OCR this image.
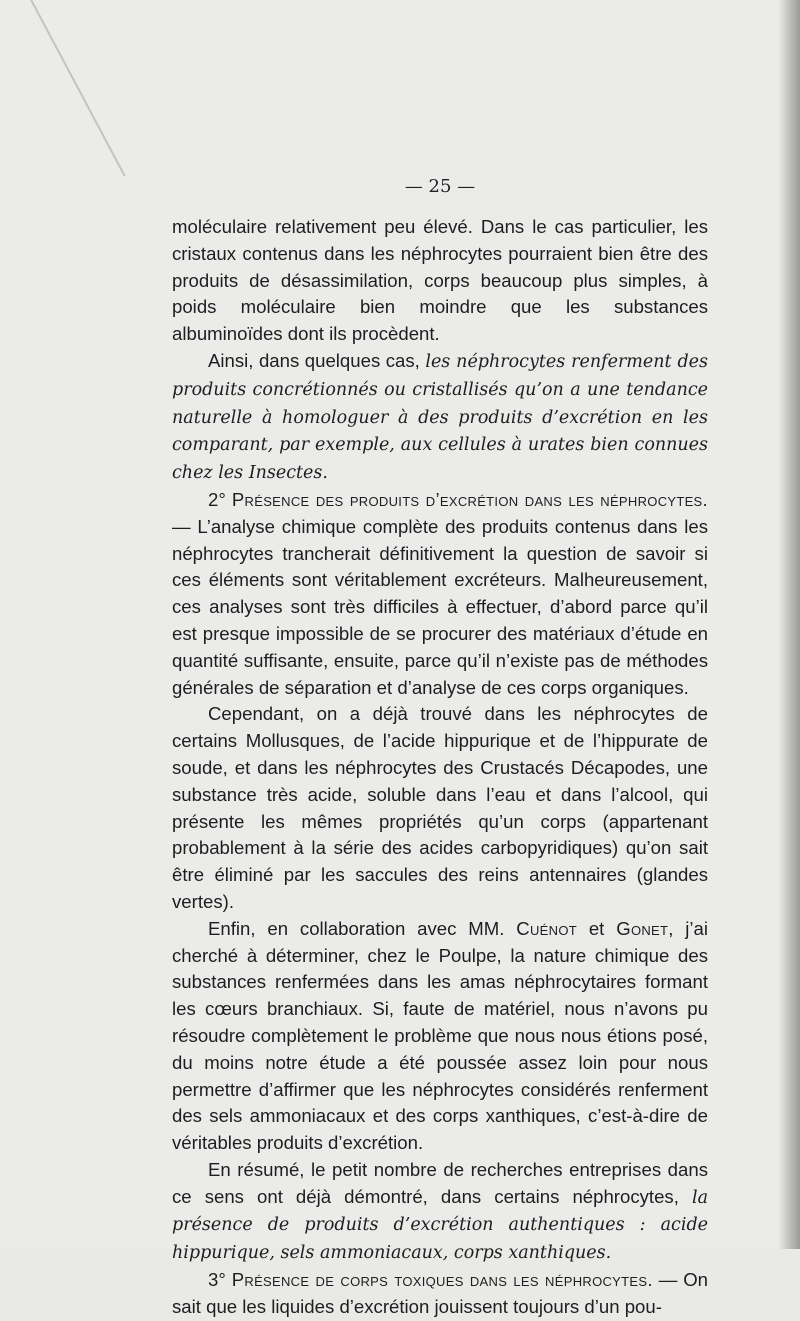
— 25 —

moléculaire relativement peu élevé. Dans le cas particulier, les cristaux contenus dans les néphrocytes pourraient bien être des produits de désassimilation, corps beaucoup plus simples, à poids moléculaire bien moindre que les substances albuminoïdes dont ils procèdent.

Ainsi, dans quelques cas, les néphrocytes renferment des produits concrétionnés ou cristallisés qu’on a une tendance naturelle à homologuer à des produits d’excrétion en les comparant, par exemple, aux cellules à urates bien connues chez les Insectes.

2° Présence des produits d’excrétion dans les néphrocytes. — L’analyse chimique complète des produits contenus dans les néphrocytes trancherait définitivement la question de savoir si ces éléments sont véritablement excréteurs. Malheureusement, ces analyses sont très difficiles à effectuer, d’abord parce qu’il est presque impossible de se procurer des matériaux d’étude en quantité suffisante, ensuite, parce qu’il n’existe pas de méthodes générales de séparation et d’analyse de ces corps organiques.

Cependant, on a déjà trouvé dans les néphrocytes de certains Mollusques, de l’acide hippurique et de l’hippurate de soude, et dans les néphrocytes des Crustacés Décapodes, une substance très acide, soluble dans l’eau et dans l’alcool, qui présente les mêmes propriétés qu’un corps (appartenant probablement à la série des acides carbopyridiques) qu’on sait être éliminé par les saccules des reins antennaires (glandes vertes).

Enfin, en collaboration avec MM. Cuénot et Gonet, j’ai cherché à déterminer, chez le Poulpe, la nature chimique des substances renfermées dans les amas néphrocytaires formant les cœurs branchiaux. Si, faute de matériel, nous n’avons pu résoudre complètement le problème que nous nous étions posé, du moins notre étude a été poussée assez loin pour nous permettre d’affirmer que les néphrocytes considérés renferment des sels ammoniacaux et des corps xanthiques, c’est-à-dire de véritables produits d’excrétion.

En résumé, le petit nombre de recherches entreprises dans ce sens ont déjà démontré, dans certains néphrocytes, la présence de produits d’excrétion authentiques : acide hippurique, sels ammoniacaux, corps xanthiques.

3° Présence de corps toxiques dans les néphrocytes. — On sait que les liquides d’excrétion jouissent toujours d’un pou-
